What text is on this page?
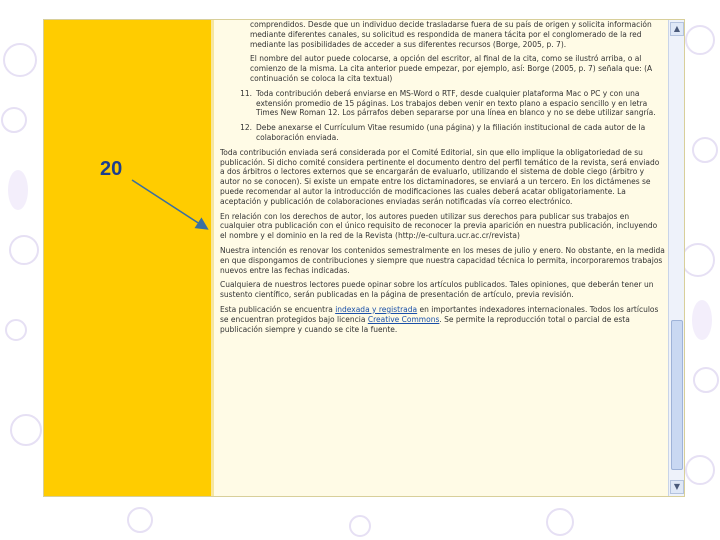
comprendidos. Desde que un individuo decide trasladarse fuera de su país de origen y solicita información mediante diferentes canales, su solicitud es respondida de manera tácita por el conglomerado de la red mediante las posibilidades de acceder a sus diferentes recursos (Borge, 2005, p. 7).

El nombre del autor puede colocarse, a opción del escritor, al final de la cita, como se ilustró arriba, o al comienzo de la misma. La cita anterior puede empezar, por ejemplo, así: Borge (2005, p. 7) señala que: (A continuación se coloca la cita textual)

11. Toda contribución deberá enviarse en MS-Word o RTF, desde cualquier plataforma Mac o PC y con una extensión promedio de 15 páginas. Los trabajos deben venir en texto plano a espacio sencillo y en letra Times New Roman 12. Los párrafos deben separarse por una línea en blanco y no se debe utilizar sangría.
12. Debe anexarse el Currículum Vitae resumido (una página) y la filiación institucional de cada autor de la colaboración enviada.

Toda contribución enviada será considerada por el Comité Editorial, sin que ello implique la obligatoriedad de su publicación. Si dicho comité considera pertinente el documento dentro del perfil temático de la revista, será enviado a dos árbitros o lectores externos que se encargarán de evaluarlo, utilizando el sistema de doble ciego (árbitro y autor no se conocen). Si existe un empate entre los dictaminadores, se enviará a un tercero. En los dictámenes se puede recomendar al autor la introducción de modificaciones las cuales deberá acatar obligatoriamente. La aceptación y publicación de colaboraciones enviadas serán notificadas vía correo electrónico.

En relación con los derechos de autor, los autores pueden utilizar sus derechos para publicar sus trabajos en cualquier otra publicación con el único requisito de reconocer la previa aparición en nuestra publicación, incluyendo el nombre y el dominio en la red de la Revista (http://e-cultura.ucr.ac.cr/revista)

Nuestra intención es renovar los contenidos semestralmente en los meses de julio y enero. No obstante, en la medida en que dispongamos de contribuciones y siempre que nuestra capacidad técnica lo permita, incorporaremos trabajos nuevos entre las fechas indicadas.

Cualquiera de nuestros lectores puede opinar sobre los artículos publicados. Tales opiniones, que deberán tener un sustento científico, serán publicadas en la página de presentación de artículo, previa revisión.

Esta publicación se encuentra indexada y registrada en importantes indexadores internacionales. Todos los artículos se encuentran protegidos bajo licencia Creative Commons. Se permite la reproducción total o parcial de esta publicación siempre y cuando se cite la fuente.

▲
▼
20
